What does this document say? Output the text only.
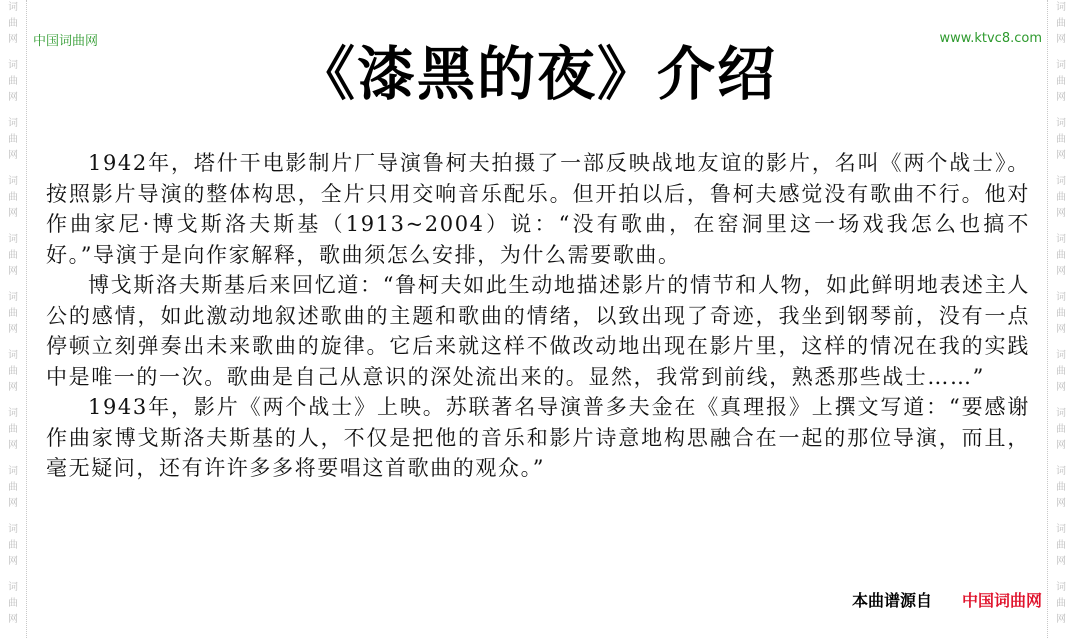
词
曲
网
词
曲
网
词
曲
网
词
曲
网
词
曲
网
词
曲
网
词
曲
网
词
曲
网
词
曲
网
词
曲
网
词
曲
网
词
曲
网
词
曲
网
词
曲
网
词
曲
网
词
曲
网
词
曲
网
词
曲
网
词
曲
网
词
曲
网
词
曲
网
词
曲
网
中国词曲网	www.ktvc8.com
《漆黑的夜》介绍

1942年，塔什干电影制片厂导演鲁柯夫拍摄了一部反映战地友谊的影片，名叫《两个战士》。按照影片导演的整体构思，全片只用交响音乐配乐。但开拍以后，鲁柯夫感觉没有歌曲不行。他对作曲家尼·博戈斯洛夫斯基（1913~2004）说：“没有歌曲，在窑洞里这一场戏我怎么也搞不好。”导演于是向作家解释，歌曲须怎么安排，为什么需要歌曲。

博戈斯洛夫斯基后来回忆道：“鲁柯夫如此生动地描述影片的情节和人物，如此鲜明地表述主人公的感情，如此激动地叙述歌曲的主题和歌曲的情绪，以致出现了奇迹，我坐到钢琴前，没有一点停顿立刻弹奏出未来歌曲的旋律。它后来就这样不做改动地出现在影片里，这样的情况在我的实践中是唯一的一次。歌曲是自己从意识的深处流出来的。显然，我常到前线，熟悉那些战士……”

1943年，影片《两个战士》上映。苏联著名导演普多夫金在《真理报》上撰文写道：“要感谢作曲家博戈斯洛夫斯基的人，不仅是把他的音乐和影片诗意地构思融合在一起的那位导演，而且，毫无疑问，还有许许多多将要唱这首歌曲的观众。”

本曲谱源自 中国词曲网
